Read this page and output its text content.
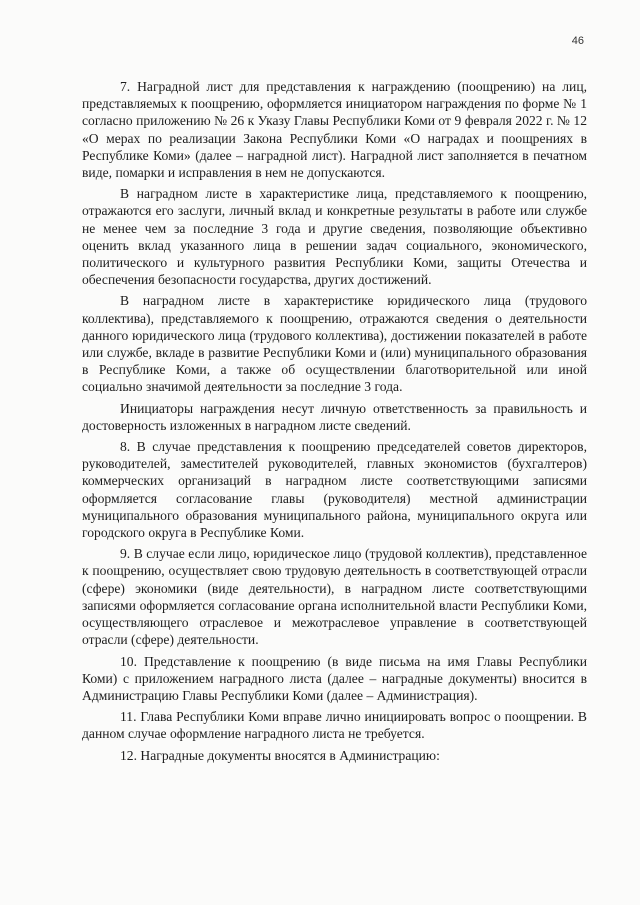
46

7. Наградной лист для представления к награждению (поощрению) на лиц, представляемых к поощрению, оформляется инициатором награждения по форме № 1 согласно приложению № 26 к Указу Главы Республики Коми от 9 февраля 2022 г. № 12 «О мерах по реализации Закона Республики Коми «О наградах и поощрениях в Республике Коми» (далее – наградной лист). Наградной лист заполняется в печатном виде, помарки и исправления в нем не допускаются.

В наградном листе в характеристике лица, представляемого к поощрению, отражаются его заслуги, личный вклад и конкретные результаты в работе или службе не менее чем за последние 3 года и другие сведения, позволяющие объективно оценить вклад указанного лица в решении задач социального, экономического, политического и культурного развития Республики Коми, защиты Отечества и обеспечения безопасности государства, других достижений.

В наградном листе в характеристике юридического лица (трудового коллектива), представляемого к поощрению, отражаются сведения о деятельности данного юридического лица (трудового коллектива), достижении показателей в работе или службе, вкладе в развитие Республики Коми и (или) муниципального образования в Республике Коми, а также об осуществлении благотворительной или иной социально значимой деятельности за последние 3 года.

Инициаторы награждения несут личную ответственность за правильность и достоверность изложенных в наградном листе сведений.

8. В случае представления к поощрению председателей советов директоров, руководителей, заместителей руководителей, главных экономистов (бухгалтеров) коммерческих организаций в наградном листе соответствующими записями оформляется согласование главы (руководителя) местной администрации муниципального образования муниципального района, муниципального округа или городского округа в Республике Коми.

9. В случае если лицо, юридическое лицо (трудовой коллектив), представленное к поощрению, осуществляет свою трудовую деятельность в соответствующей отрасли (сфере) экономики (виде деятельности), в наградном листе соответствующими записями оформляется согласование органа исполнительной власти Республики Коми, осуществляющего отраслевое и межотраслевое управление в соответствующей отрасли (сфере) деятельности.

10. Представление к поощрению (в виде письма на имя Главы Республики Коми) с приложением наградного листа (далее – наградные документы) вносится в Администрацию Главы Республики Коми (далее – Администрация).

11. Глава Республики Коми вправе лично инициировать вопрос о поощрении. В данном случае оформление наградного листа не требуется.

12. Наградные документы вносятся в Администрацию:
